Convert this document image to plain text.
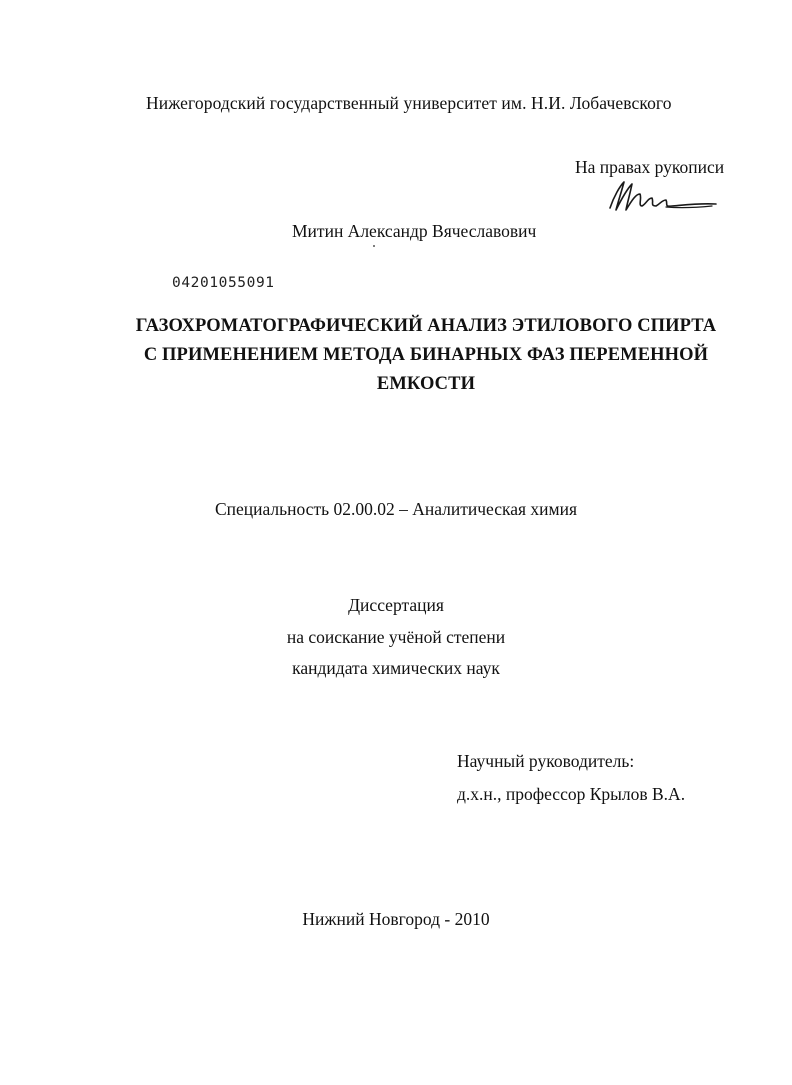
Нижегородский государственный университет им. Н.И. Лобачевского
На правах рукописи
Митин Александр Вячеславович
04201055091
ГАЗОХРОМАТОГРАФИЧЕСКИЙ АНАЛИЗ ЭТИЛОВОГО СПИРТА
С ПРИМЕНЕНИЕМ МЕТОДА БИНАРНЫХ ФАЗ ПЕРЕМЕННОЙ
ЕМКОСТИ
Специальность 02.00.02 – Аналитическая химия
Диссертация
на соискание учёной степени
кандидата химических наук
Научный руководитель:
д.х.н., профессор Крылов В.А.
Нижний Новгород - 2010
